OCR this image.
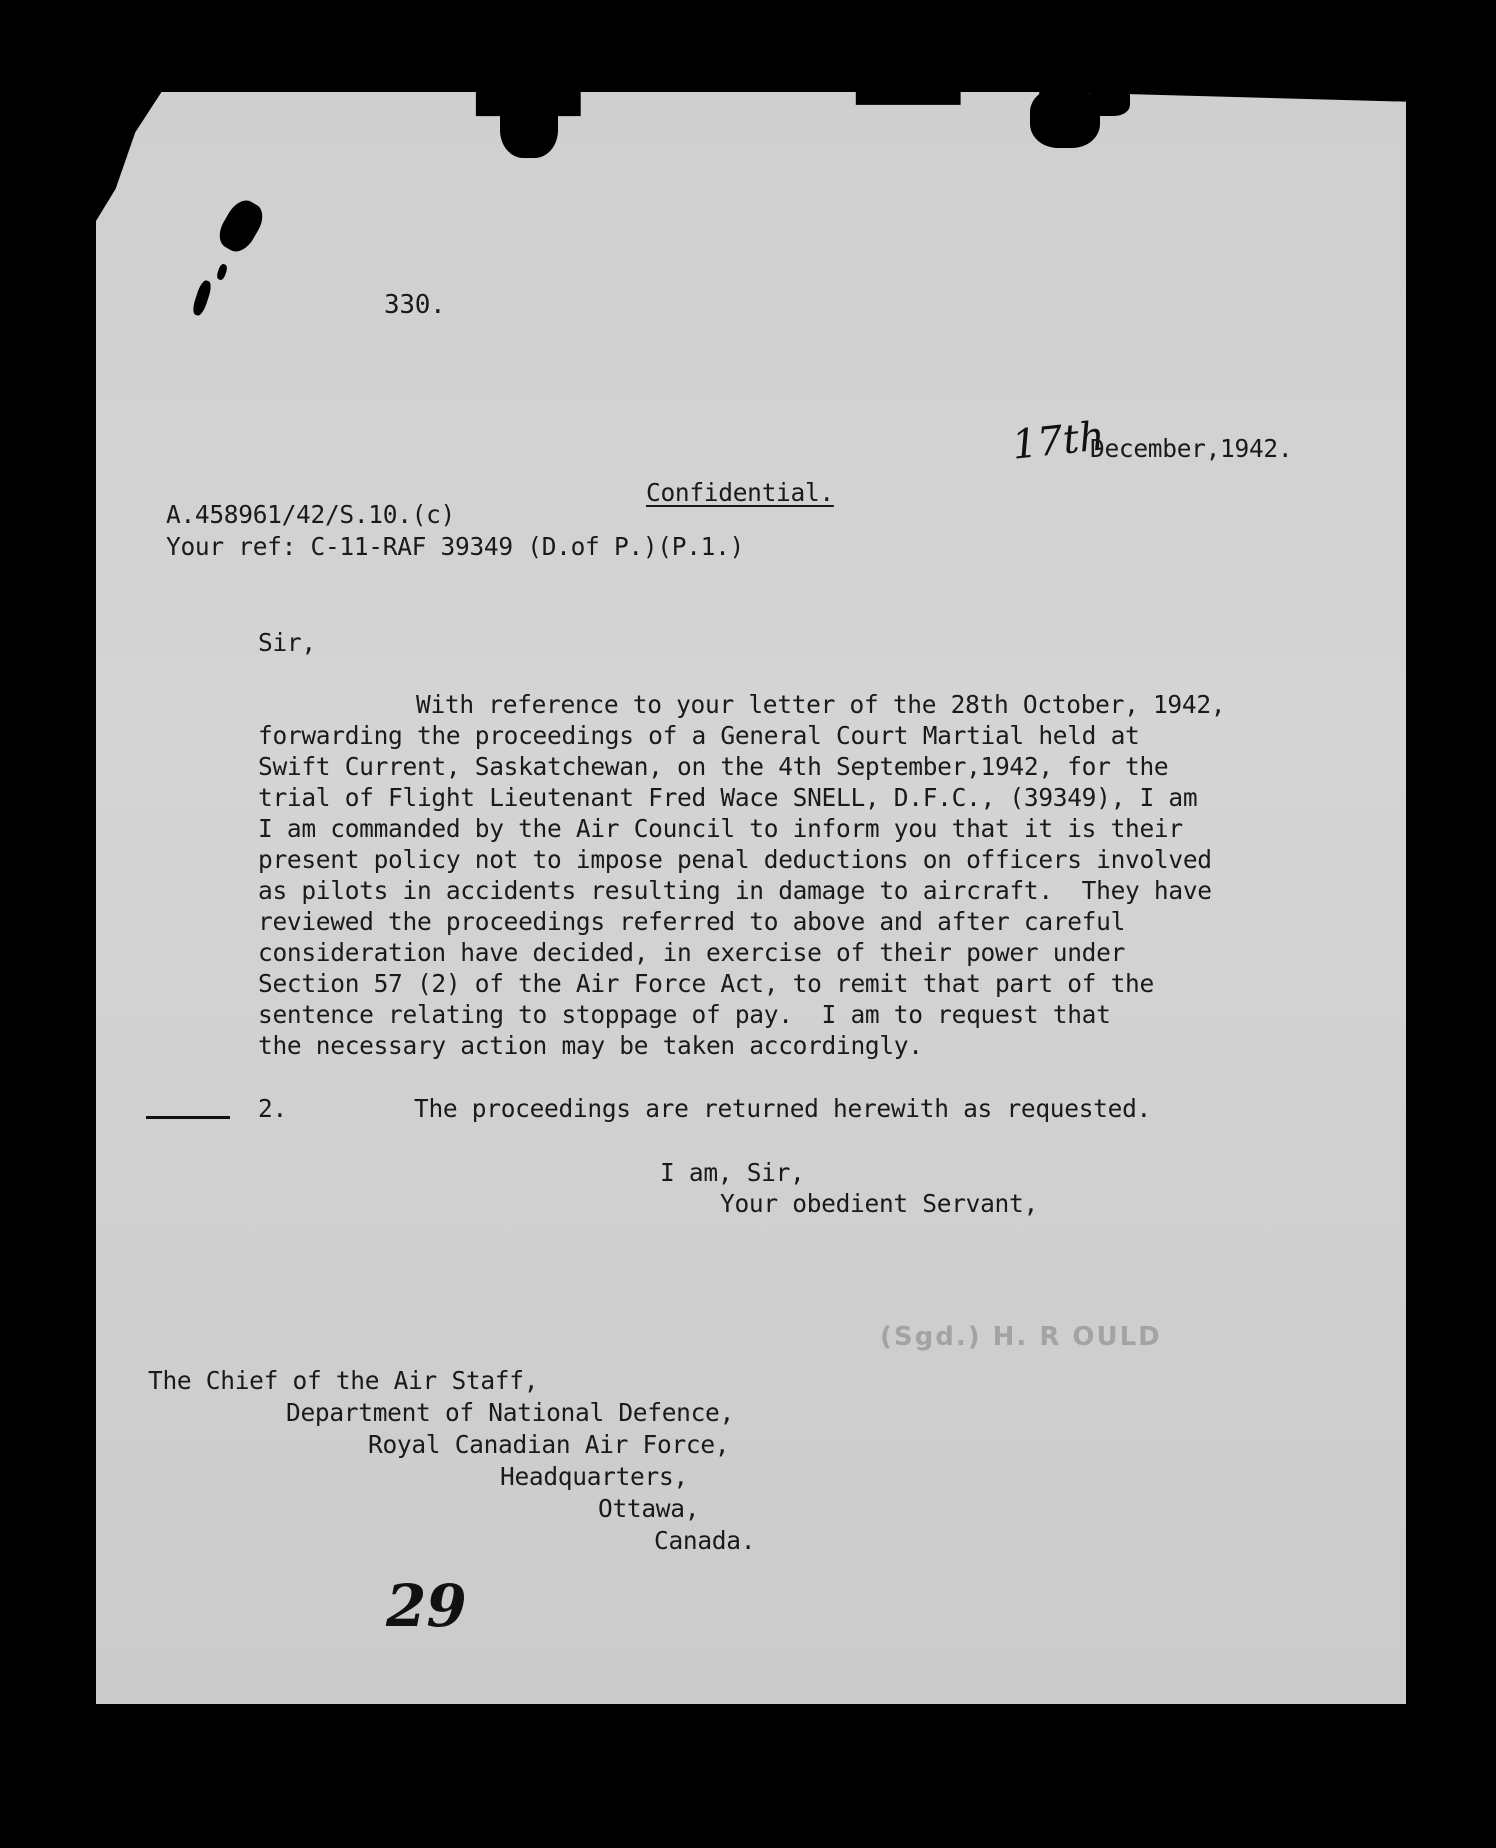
330.
17th
December,1942.
Confidential.
A.458961/42/S.10.(c)
Your ref: C-11-RAF 39349 (D.of P.)(P.1.)
Sir,
With reference to your letter of the 28th October, 1942,
forwarding the proceedings of a General Court Martial held at
Swift Current, Saskatchewan, on the 4th September,1942, for the
trial of Flight Lieutenant Fred Wace SNELL, D.F.C., (39349), I am
I am commanded by the Air Council to inform you that it is their
present policy not to impose penal deductions on officers involved
as pilots in accidents resulting in damage to aircraft.  They have
reviewed the proceedings referred to above and after careful
consideration have decided, in exercise of their power under
Section 57 (2) of the Air Force Act, to remit that part of the
sentence relating to stoppage of pay.  I am to request that
the necessary action may be taken accordingly.
2.	The proceedings are returned herewith as requested.
I am, Sir,
Your obedient Servant,
(Sgd.) H. R OULD
The Chief of the Air Staff,
Department of National Defence,
Royal Canadian Air Force,
Headquarters,
Ottawa,
Canada.
29
